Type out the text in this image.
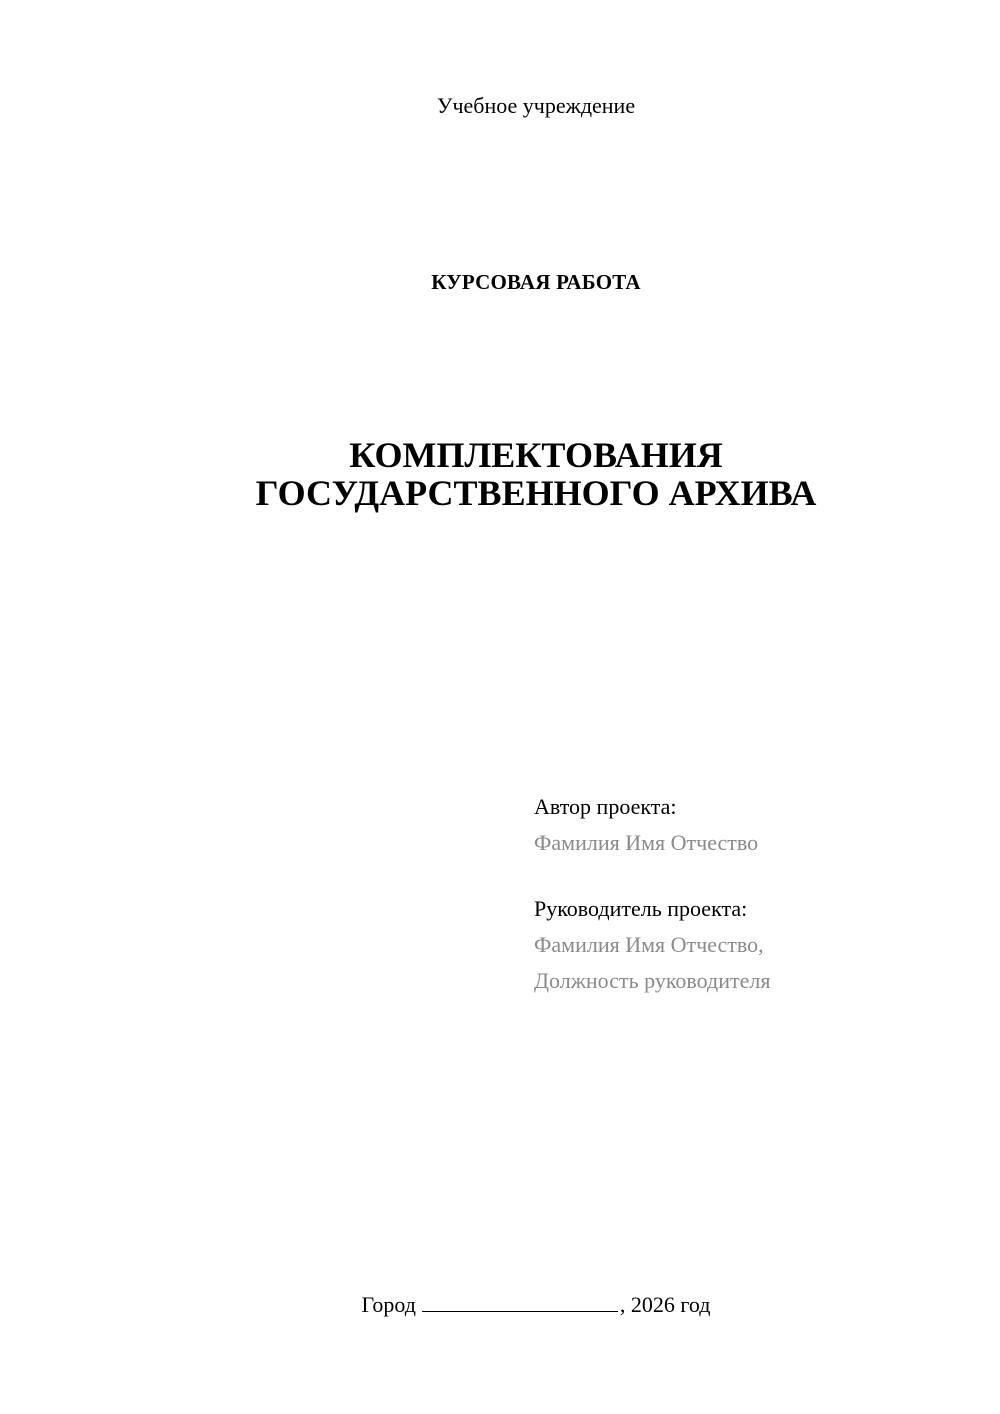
Учебное учреждение
КУРСОВАЯ РАБОТА
КОМПЛЕКТОВАНИЯ
ГОСУДАРСТВЕННОГО АРХИВА
Автор проекта:
Фамилия Имя Отчество
Руководитель проекта:
Фамилия Имя Отчество,
Должность руководителя
Город	, 2026 год
